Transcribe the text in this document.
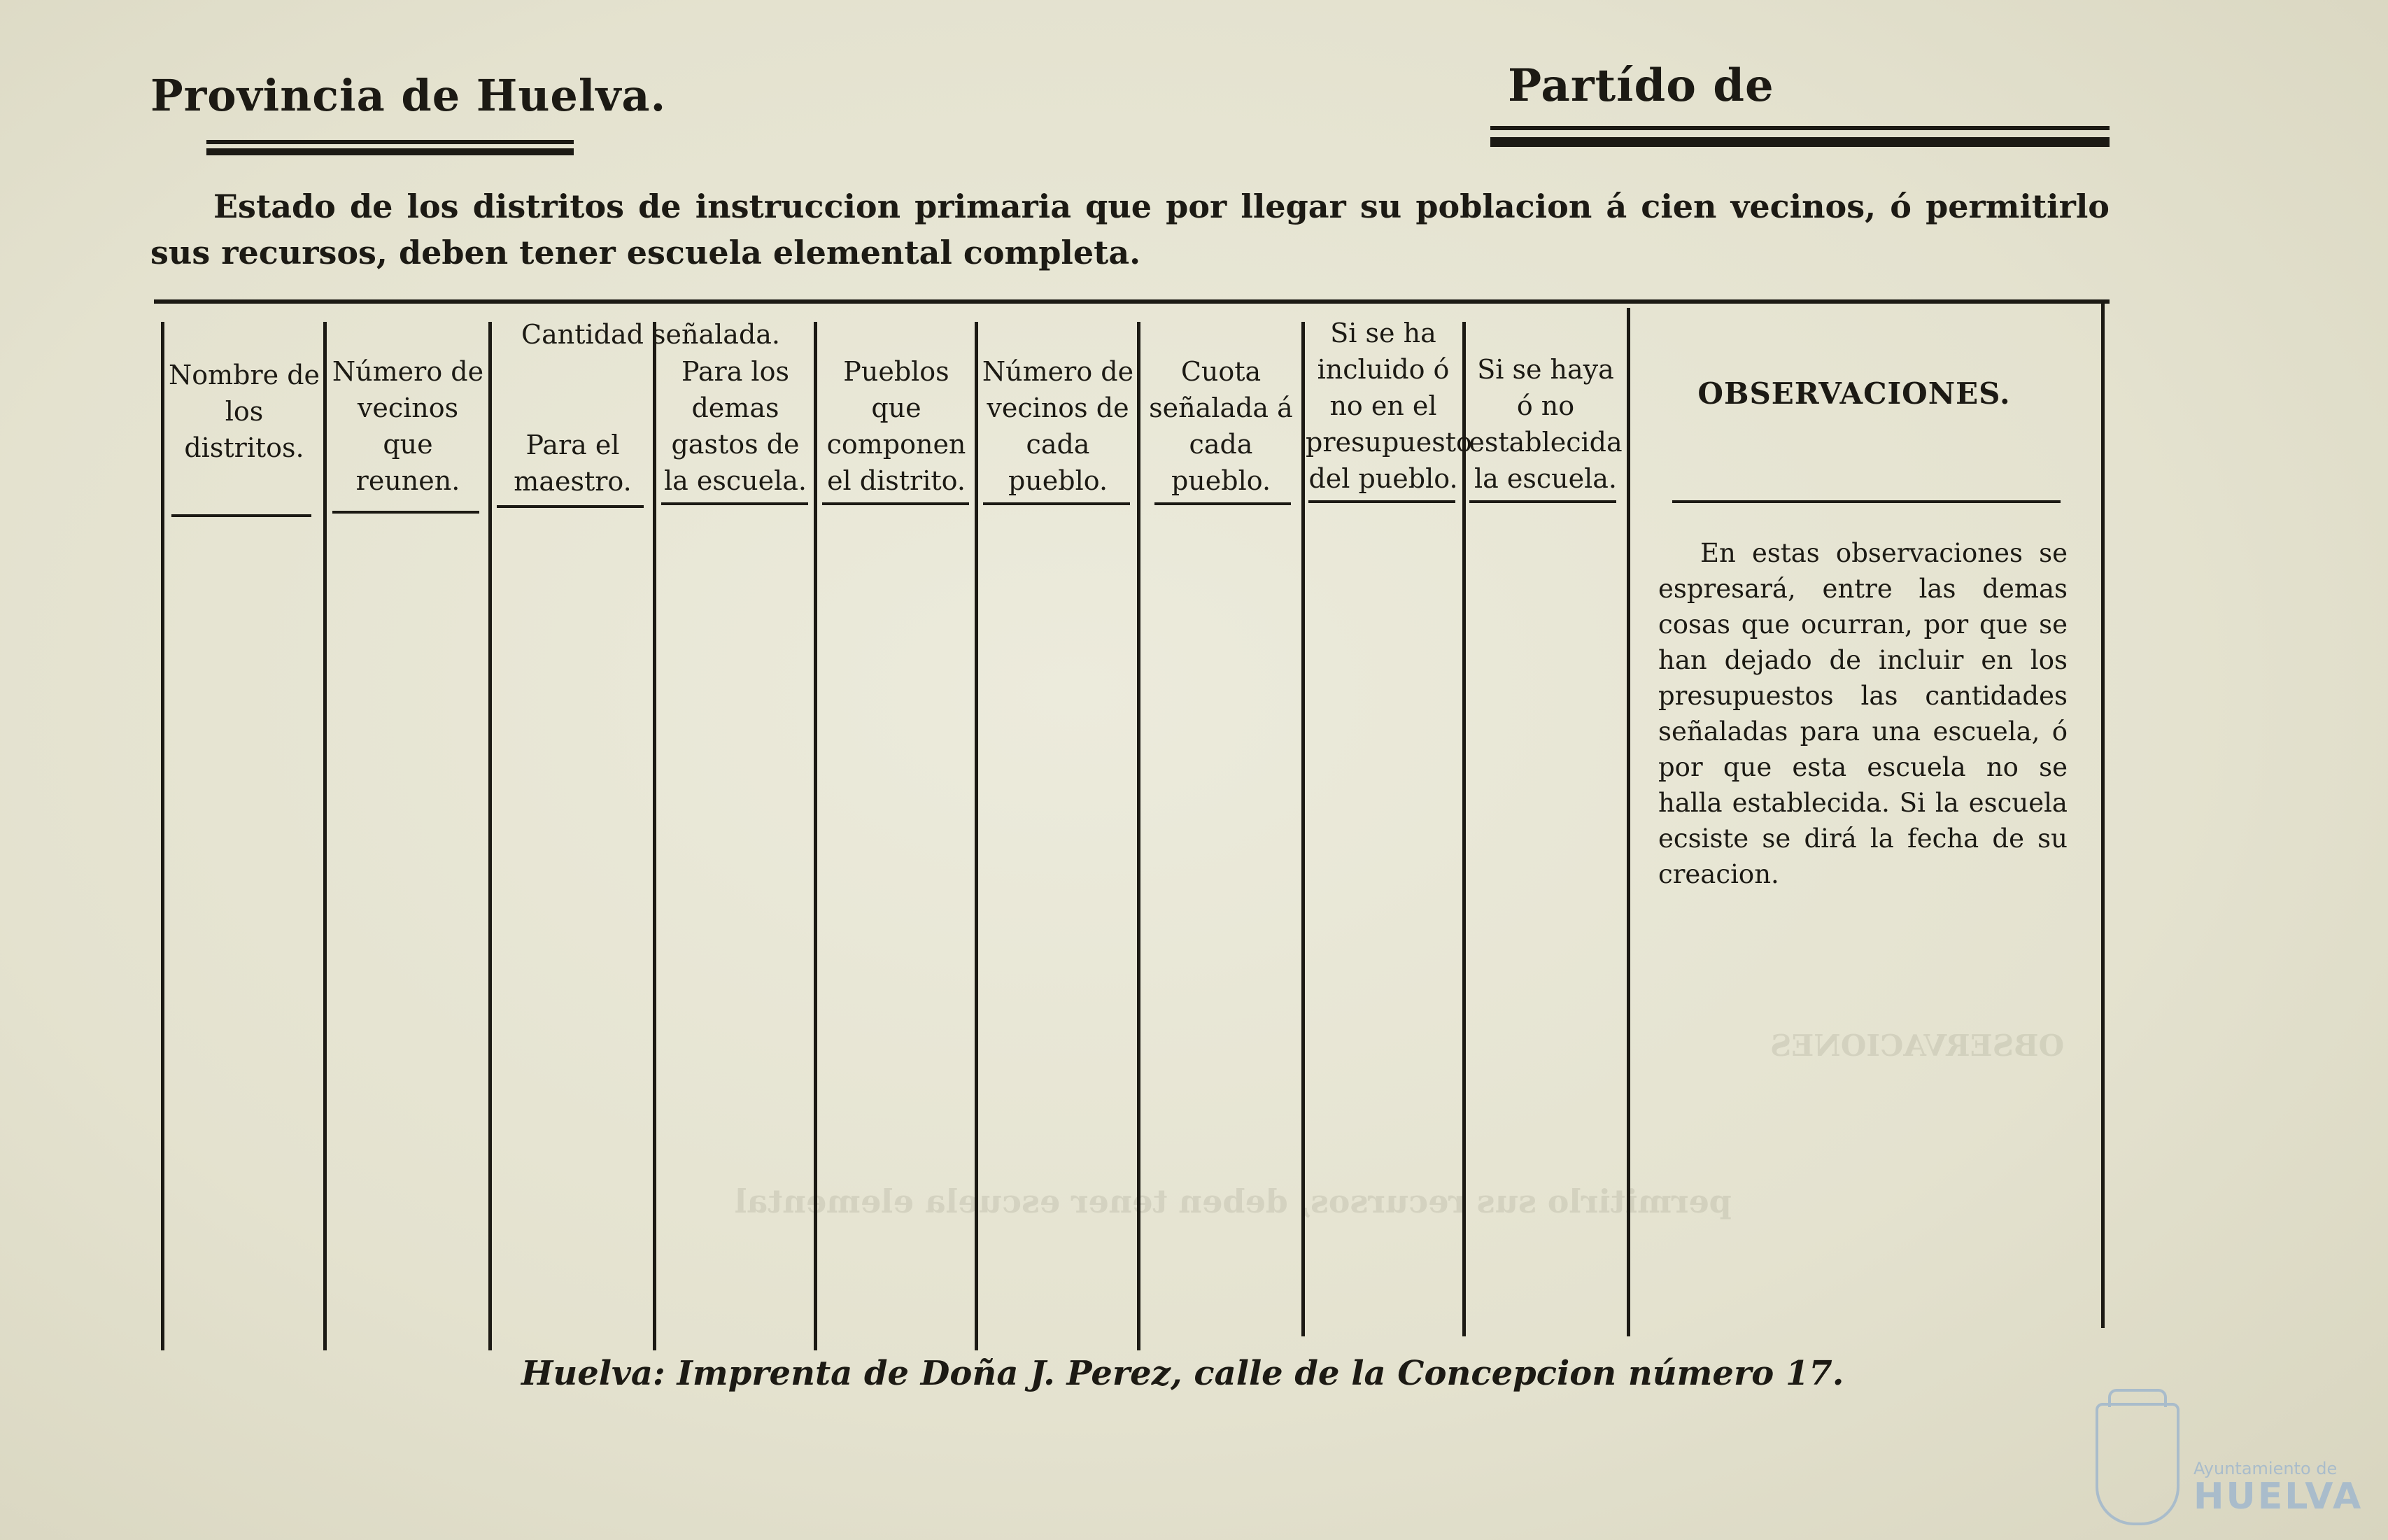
permitirlo sus recursos, deben tener escuela elemental
OBSERVACIONES
Provincia de Huelva.	Partído de
Estado de los distritos de instruccion primaria que por llegar su poblacion á cien vecinos, ó permitirlo sus recursos, deben tener escuela elemental completa.
Nombre de los distritos.
Número de vecinos que reunen.
Cantidad señalada.
Para el maestro.
Para los demas gastos de la escuela.
Pueblos que componen el distrito.
Número de vecinos de cada pueblo.
Cuota señalada á cada pueblo.
Si se ha incluido ó no en el presupuesto del pueblo.
Si se haya ó no establecida la escuela.
OBSERVACIONES.
En estas observaciones se espresará, entre las demas cosas que ocurran, por que se han dejado de incluir en los presupuestos las cantidades señaladas para una escuela, ó por que esta escuela no se halla establecida. Si la escuela ecsiste se dirá la fecha de su creacion.
Huelva: Imprenta de Doña J. Perez, calle de la Concepcion número 17.
Ayuntamiento de
HUELVA
